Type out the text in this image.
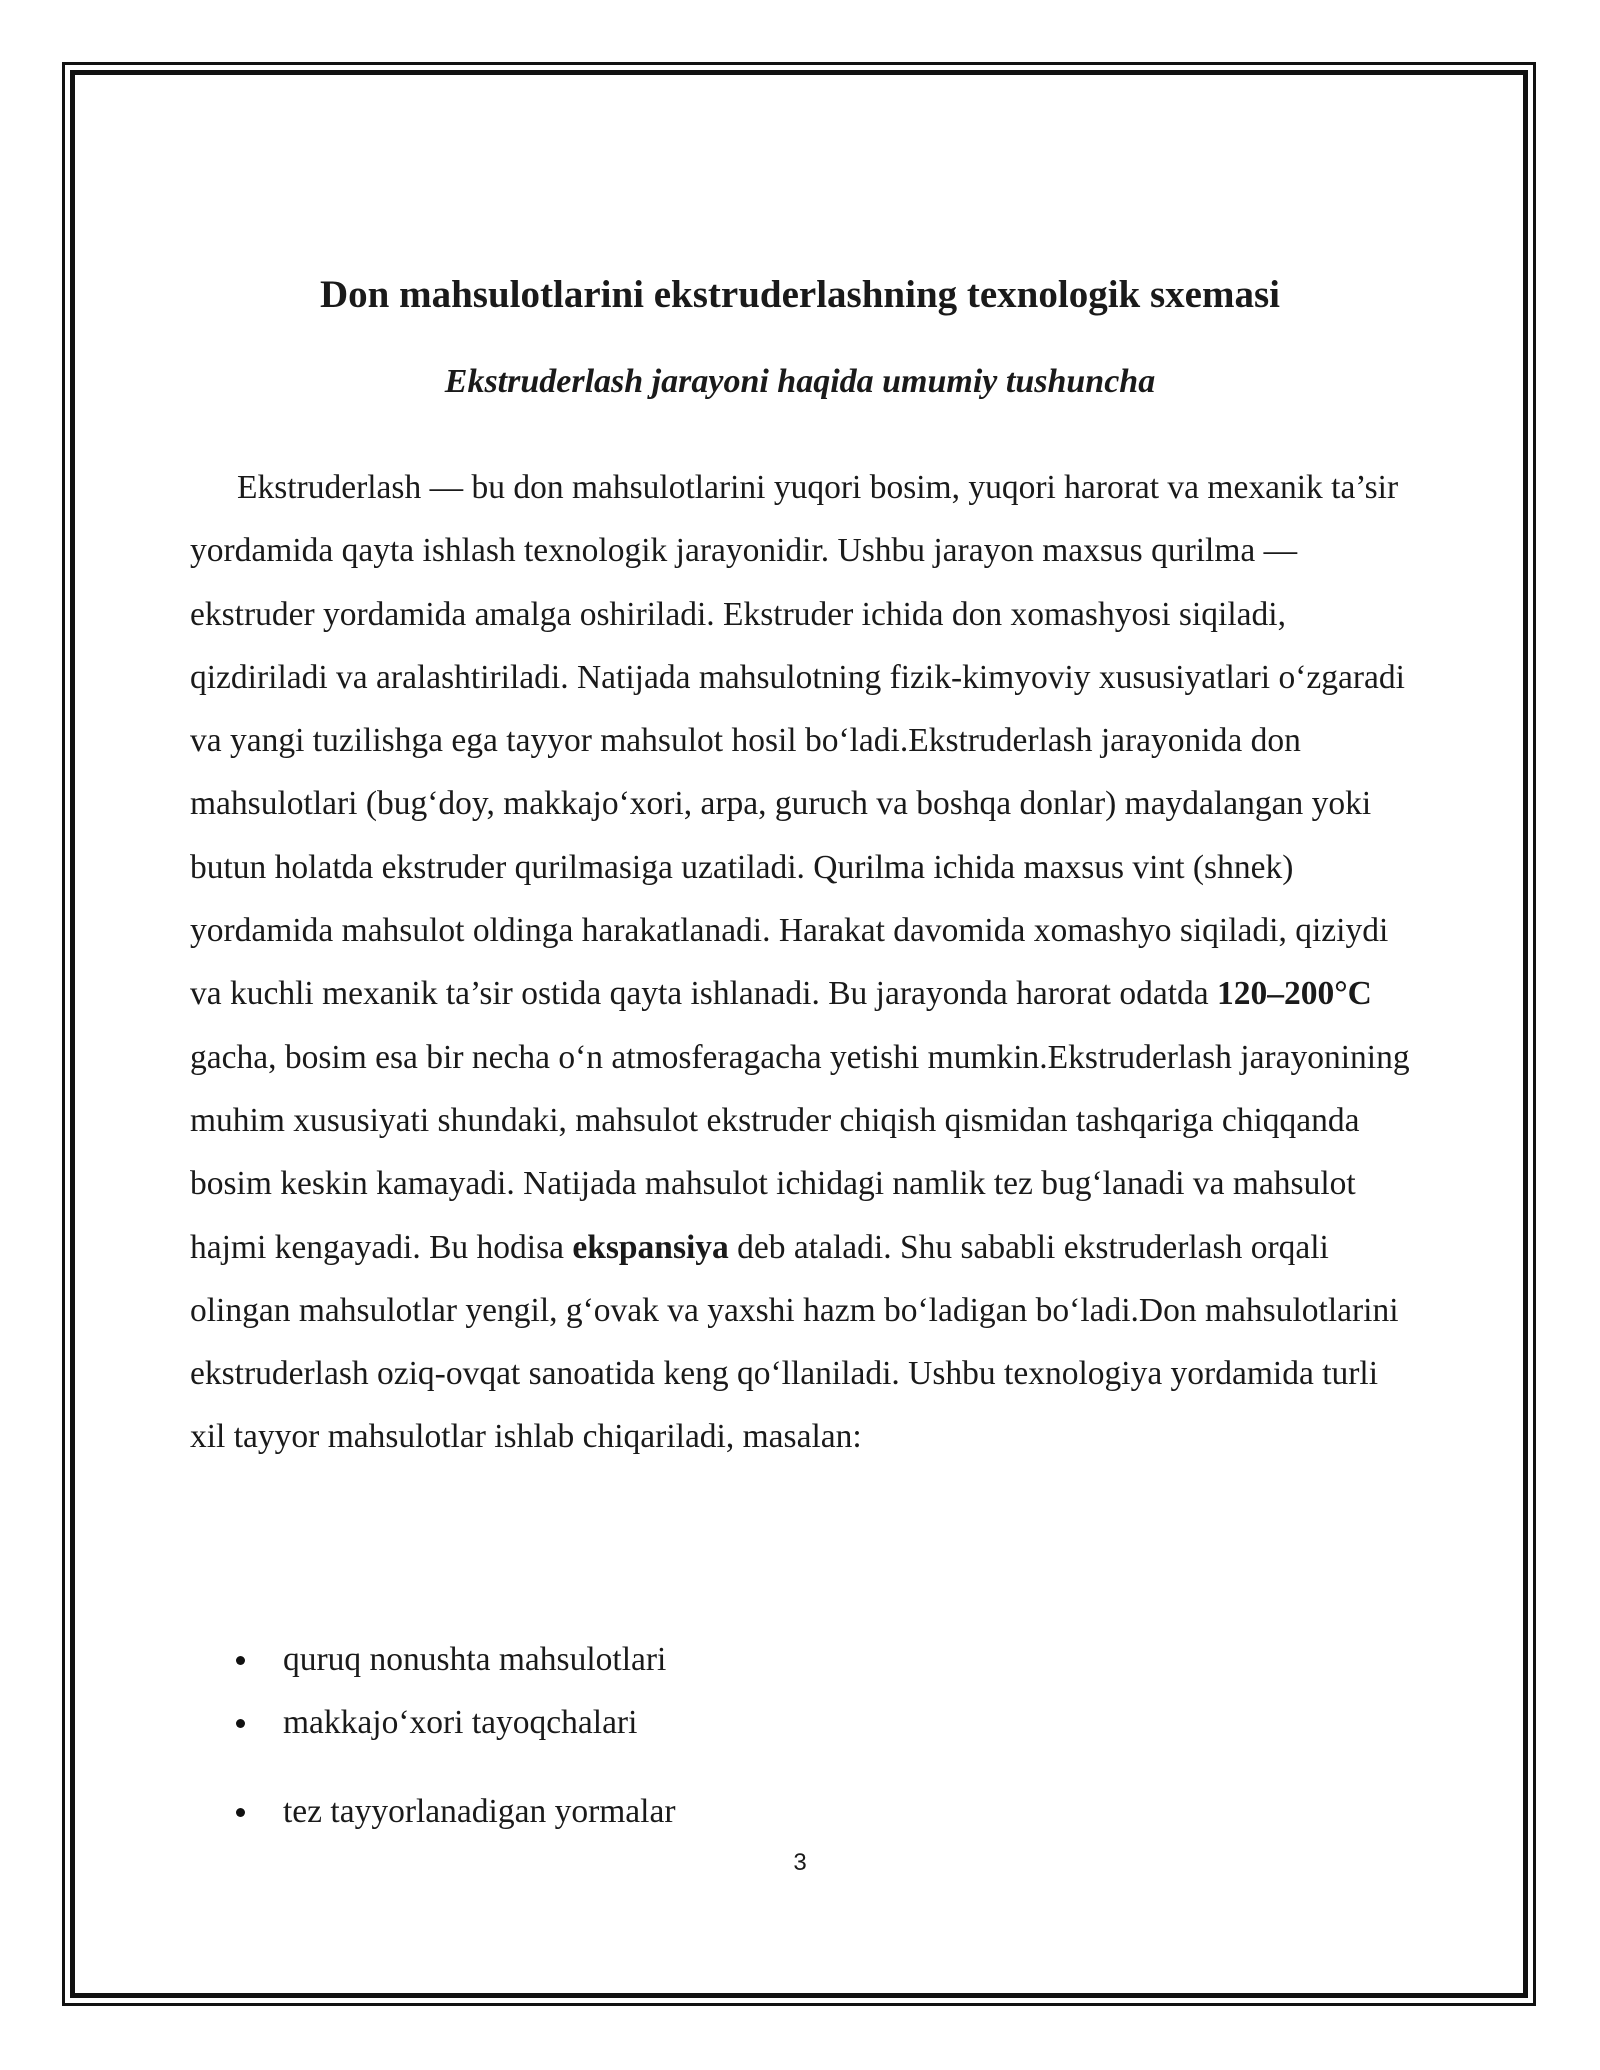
Don mahsulotlarini ekstruderlashning texnologik sxemasi
Ekstruderlash jarayoni haqida umumiy tushuncha

Ekstruderlash — bu don mahsulotlarini yuqori bosim, yuqori harorat va mexanik ta’sir yordamida qayta ishlash texnologik jarayonidir. Ushbu jarayon maxsus qurilma — ekstruder yordamida amalga oshiriladi. Ekstruder ichida don xomashyosi siqiladi, qizdiriladi va aralashtiriladi. Natijada mahsulotning fizik-kimyoviy xususiyatlari o‘zgaradi va yangi tuzilishga ega tayyor mahsulot hosil bo‘ladi.Ekstruderlash jarayonida don mahsulotlari (bug‘doy, makkajo‘xori, arpa, guruch va boshqa donlar) maydalangan yoki butun holatda ekstruder qurilmasiga uzatiladi. Qurilma ichida maxsus vint (shnek) yordamida mahsulot oldinga harakatlanadi. Harakat davomida xomashyo siqiladi, qiziydi va kuchli mexanik ta’sir ostida qayta ishlanadi. Bu jarayonda harorat odatda 120–200°C gacha, bosim esa bir necha o‘n atmosferagacha yetishi mumkin.Ekstruderlash jarayonining muhim xususiyati shundaki, mahsulot ekstruder chiqish qismidan tashqariga chiqqanda bosim keskin kamayadi. Natijada mahsulot ichidagi namlik tez bug‘lanadi va mahsulot hajmi kengayadi. Bu hodisa ekspansiya deb ataladi. Shu sababli ekstruderlash orqali olingan mahsulotlar yengil, g‘ovak va yaxshi hazm bo‘ladigan bo‘ladi.Don mahsulotlarini ekstruderlash oziq-ovqat sanoatida keng qo‘llaniladi. Ushbu texnologiya yordamida turli xil tayyor mahsulotlar ishlab chiqariladi, masalan:

quruq nonushta mahsulotlari
makkajo‘xori tayoqchalari
tez tayyorlanadigan yormalar
3
